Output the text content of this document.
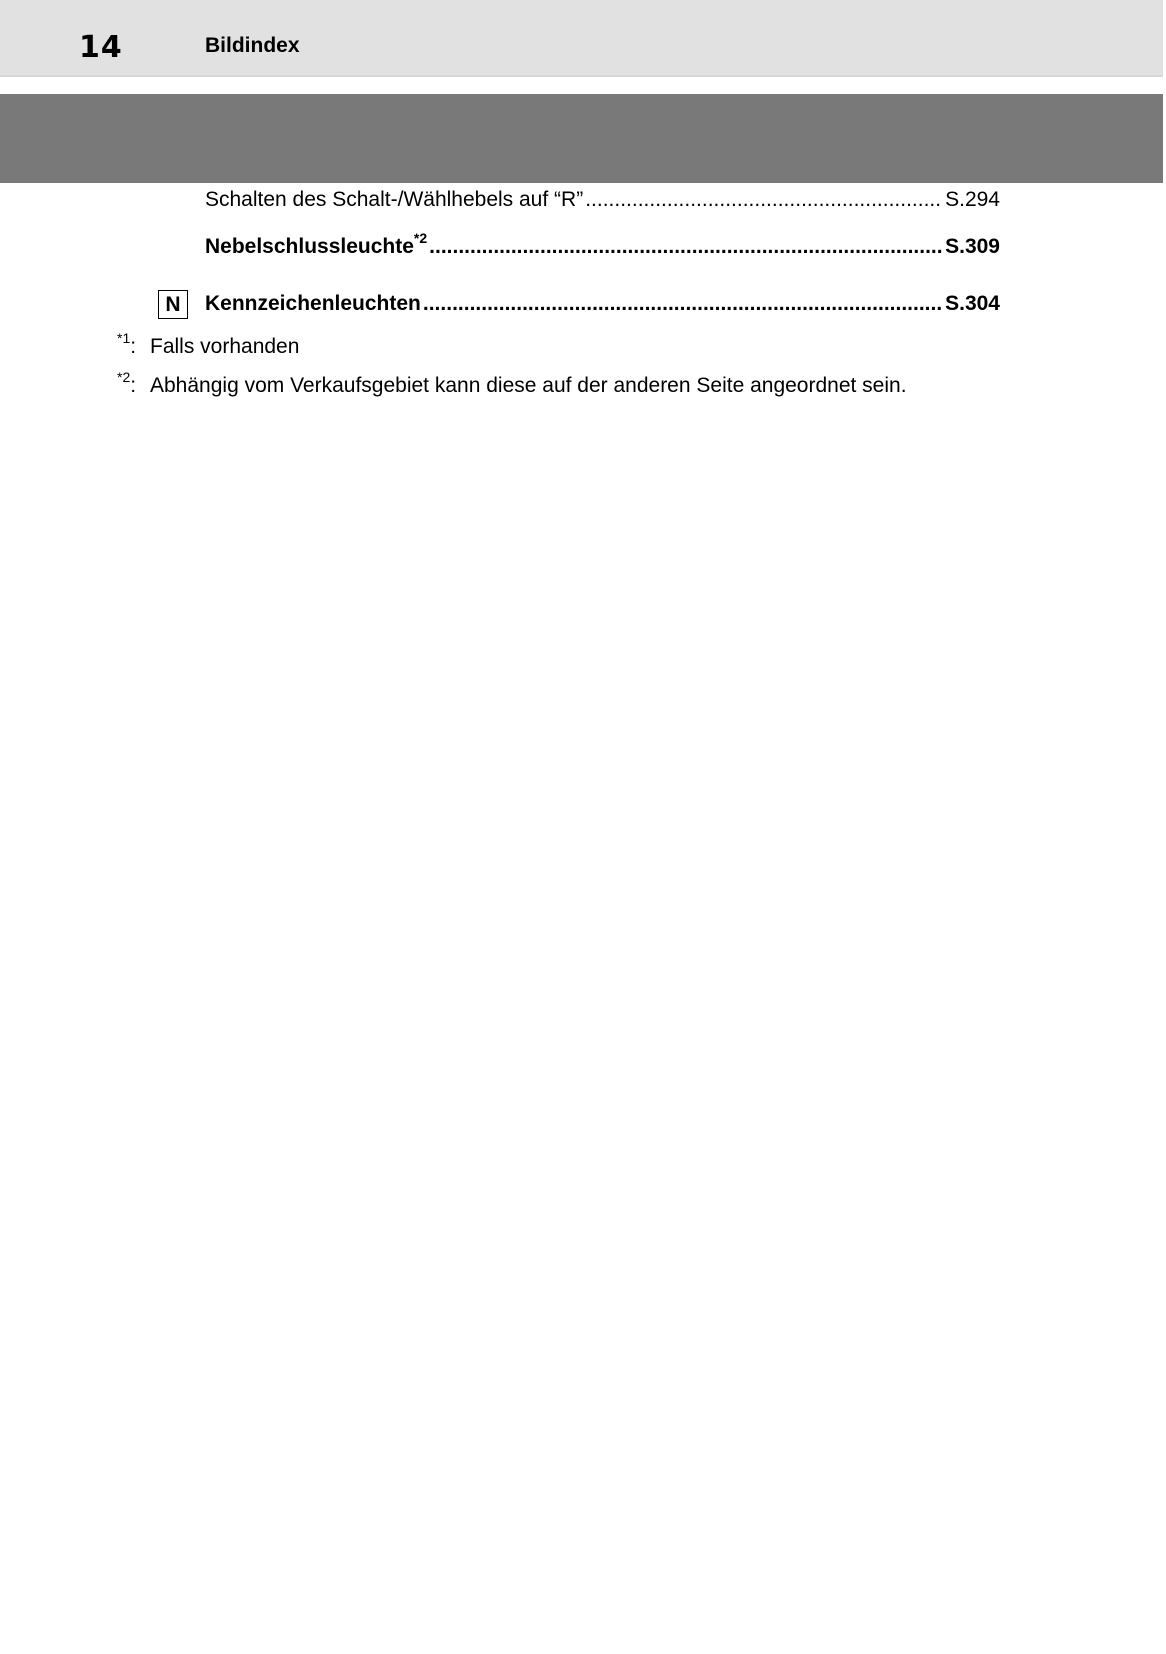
14	Bildindex
Schalten des Schalt-/Wählhebels auf “R” .....	S.294
Nebelschlussleuchte$^{*2}$ .....	S.309
N	Kennzeichenleuchten .....	S.304
$^{*1}$: Falls vorhanden
$^{*2}$: Abhängig vom Verkaufsgebiet kann diese auf der anderen Seite angeordnet sein.
